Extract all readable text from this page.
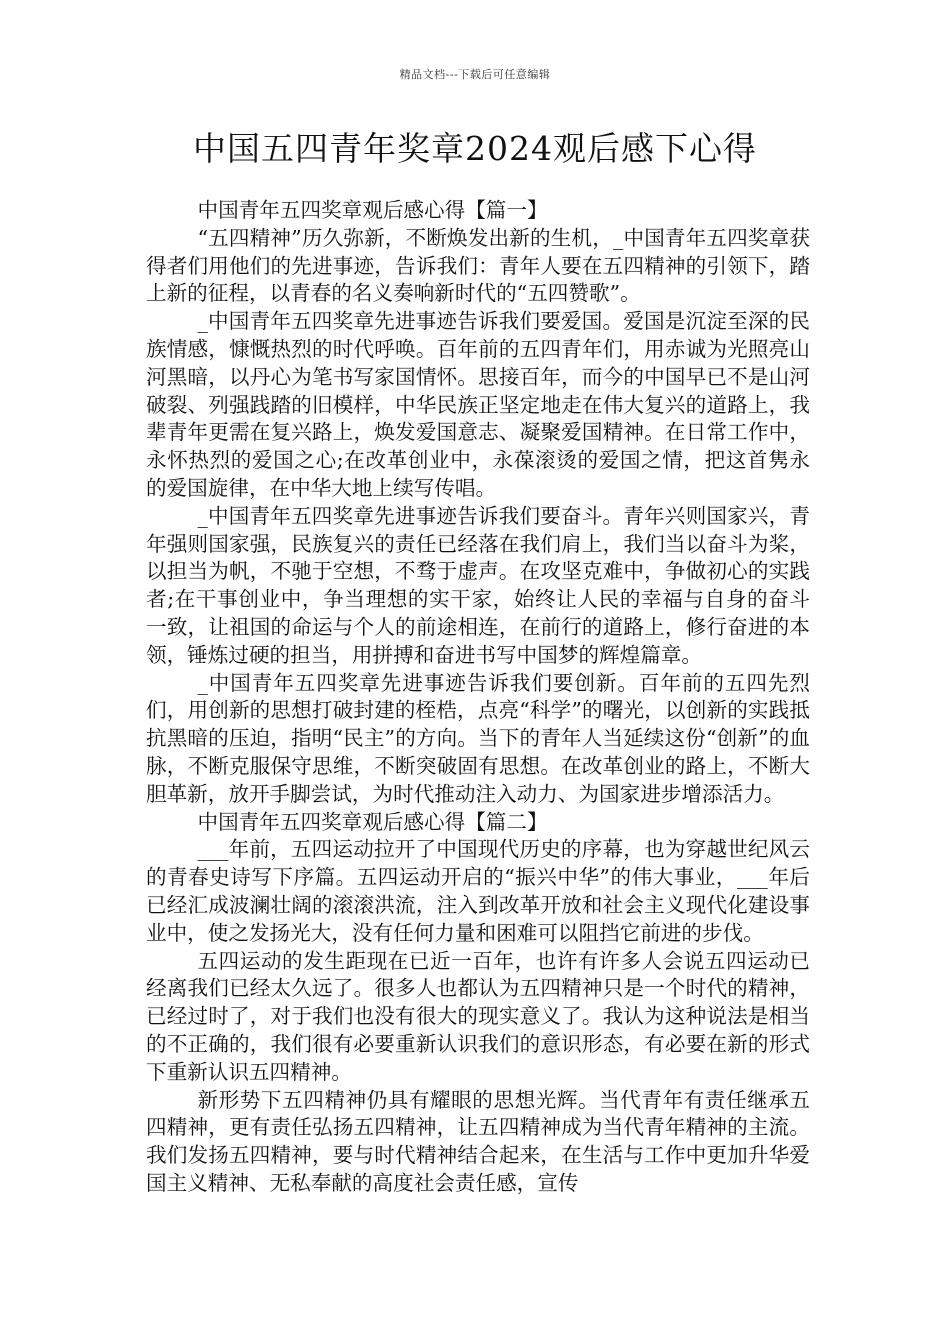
精品文档---下载后可任意编辑
中国五四青年奖章2024观后感下心得

中国青年五四奖章观后感心得【篇一】

“五四精神”历久弥新，不断焕发出新的生机，_中国青年五四奖章获得者们用他们的先进事迹，告诉我们：青年人要在五四精神的引领下，踏上新的征程，以青春的名义奏响新时代的“五四赞歌”。

_中国青年五四奖章先进事迹告诉我们要爱国。爱国是沉淀至深的民族情感，慷慨热烈的时代呼唤。百年前的五四青年们，用赤诚为光照亮山河黑暗，以丹心为笔书写家国情怀。思接百年，而今的中国早已不是山河破裂、列强践踏的旧模样，中华民族正坚定地走在伟大复兴的道路上，我辈青年更需在复兴路上，焕发爱国意志、凝聚爱国精神。在日常工作中，永怀热烈的爱国之心;在改革创业中，永葆滚烫的爱国之情，把这首隽永的爱国旋律，在中华大地上续写传唱。

_中国青年五四奖章先进事迹告诉我们要奋斗。青年兴则国家兴，青年强则国家强，民族复兴的责任已经落在我们肩上，我们当以奋斗为桨，以担当为帆，不驰于空想，不骛于虚声。在攻坚克难中，争做初心的实践者;在干事创业中，争当理想的实干家，始终让人民的幸福与自身的奋斗一致，让祖国的命运与个人的前途相连，在前行的道路上，修行奋进的本领，锤炼过硬的担当，用拼搏和奋进书写中国梦的辉煌篇章。

_中国青年五四奖章先进事迹告诉我们要创新。百年前的五四先烈们，用创新的思想打破封建的桎梏，点亮“科学”的曙光，以创新的实践抵抗黑暗的压迫，指明“民主”的方向。当下的青年人当延续这份“创新”的血脉，不断克服保守思维，不断突破固有思想。在改革创业的路上，不断大胆革新，放开手脚尝试，为时代推动注入动力、为国家进步增添活力。

中国青年五四奖章观后感心得【篇二】

___年前，五四运动拉开了中国现代历史的序幕，也为穿越世纪风云的青春史诗写下序篇。五四运动开启的“振兴中华”的伟大事业，___年后已经汇成波澜壮阔的滚滚洪流，注入到改革开放和社会主义现代化建设事业中，使之发扬光大，没有任何力量和困难可以阻挡它前进的步伐。

五四运动的发生距现在已近一百年，也许有许多人会说五四运动已经离我们已经太久远了。很多人也都认为五四精神只是一个时代的精神，已经过时了，对于我们也没有很大的现实意义了。我认为这种说法是相当的不正确的，我们很有必要重新认识我们的意识形态，有必要在新的形式下重新认识五四精神。

新形势下五四精神仍具有耀眼的思想光辉。当代青年有责任继承五四精神，更有责任弘扬五四精神，让五四精神成为当代青年精神的主流。我们发扬五四精神，要与时代精神结合起来，在生活与工作中更加升华爱国主义精神、无私奉献的高度社会责任感，宣传
